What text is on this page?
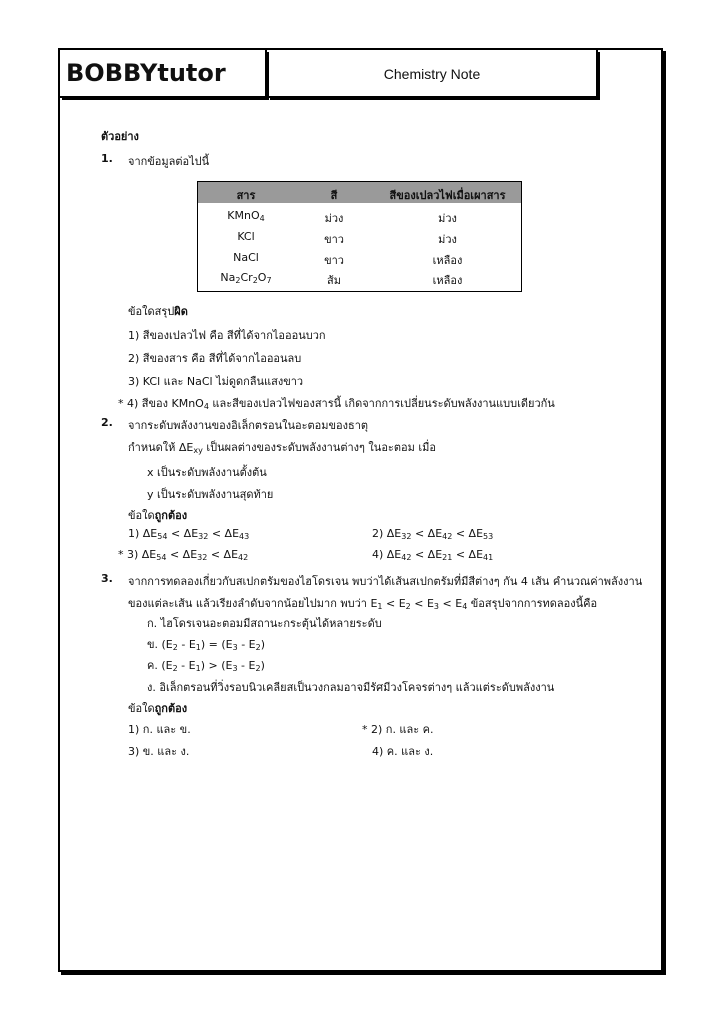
BOBBYtutor	Chemistry Note
ตัวอย่าง
1. จากข้อมูลต่อไปนี้
สาร	สี	สีของเปลวไฟเมื่อเผาสาร
KMnO$_4$	ม่วง	ม่วง
KCl	ขาว	ม่วง
NaCl	ขาว	เหลือง
$Na_2Cr_2O_7$	ส้ม	เหลือง
ข้อใดสรุปผิด
1) สีของเปลวไฟ คือ สีที่ได้จากไอออนบวก
2) สีของสาร คือ สีที่ได้จากไอออนลบ
3) KCl และ NaCl ไม่ดูดกลืนแสงขาว
* 4) สีของ KMnO$_4$ และสีของเปลวไฟของสารนี้ เกิดจากการเปลี่ยนระดับพลังงานแบบเดียวกัน
2. จากระดับพลังงานของอิเล็กตรอนในอะตอมของธาตุ
กำหนดให้ $\Delta E_{xy}$ เป็นผลต่างของระดับพลังงานต่างๆ ในอะตอม เมื่อ
x เป็นระดับพลังงานตั้งต้น
y เป็นระดับพลังงานสุดท้าย
ข้อใดถูกต้อง
1) $\Delta E_{54} < \Delta E_{32} < \Delta E_{43}$	2) $\Delta E_{32} < \Delta E_{42} < \Delta E_{53}$
* 3) $\Delta E_{54} < \Delta E_{32} < \Delta E_{42}$	4) $\Delta E_{42} < \Delta E_{21} < \Delta E_{41}$
3. จากการทดลองเกี่ยวกับสเปกตรัมของไฮโดรเจน พบว่าได้เส้นสเปกตรัมที่มีสีต่างๆ กัน 4 เส้น คำนวณค่าพลังงาน
ของแต่ละเส้น แล้วเรียงลำดับจากน้อยไปมาก พบว่า $E_1 < E_2 < E_3 < E_4$ ข้อสรุปจากการทดลองนี้คือ
ก. ไฮโดรเจนอะตอมมีสถานะกระตุ้นได้หลายระดับ
ข. $(E_2 - E_1) = (E_3 - E_2)$
ค. $(E_2 - E_1) > (E_3 - E_2)$
ง. อิเล็กตรอนที่วิ่งรอบนิวเคลียสเป็นวงกลมอาจมีรัศมีวงโคจรต่างๆ แล้วแต่ระดับพลังงาน
ข้อใดถูกต้อง
1) ก. และ ข.	* 2) ก. และ ค.
3) ข. และ ง.	4) ค. และ ง.
